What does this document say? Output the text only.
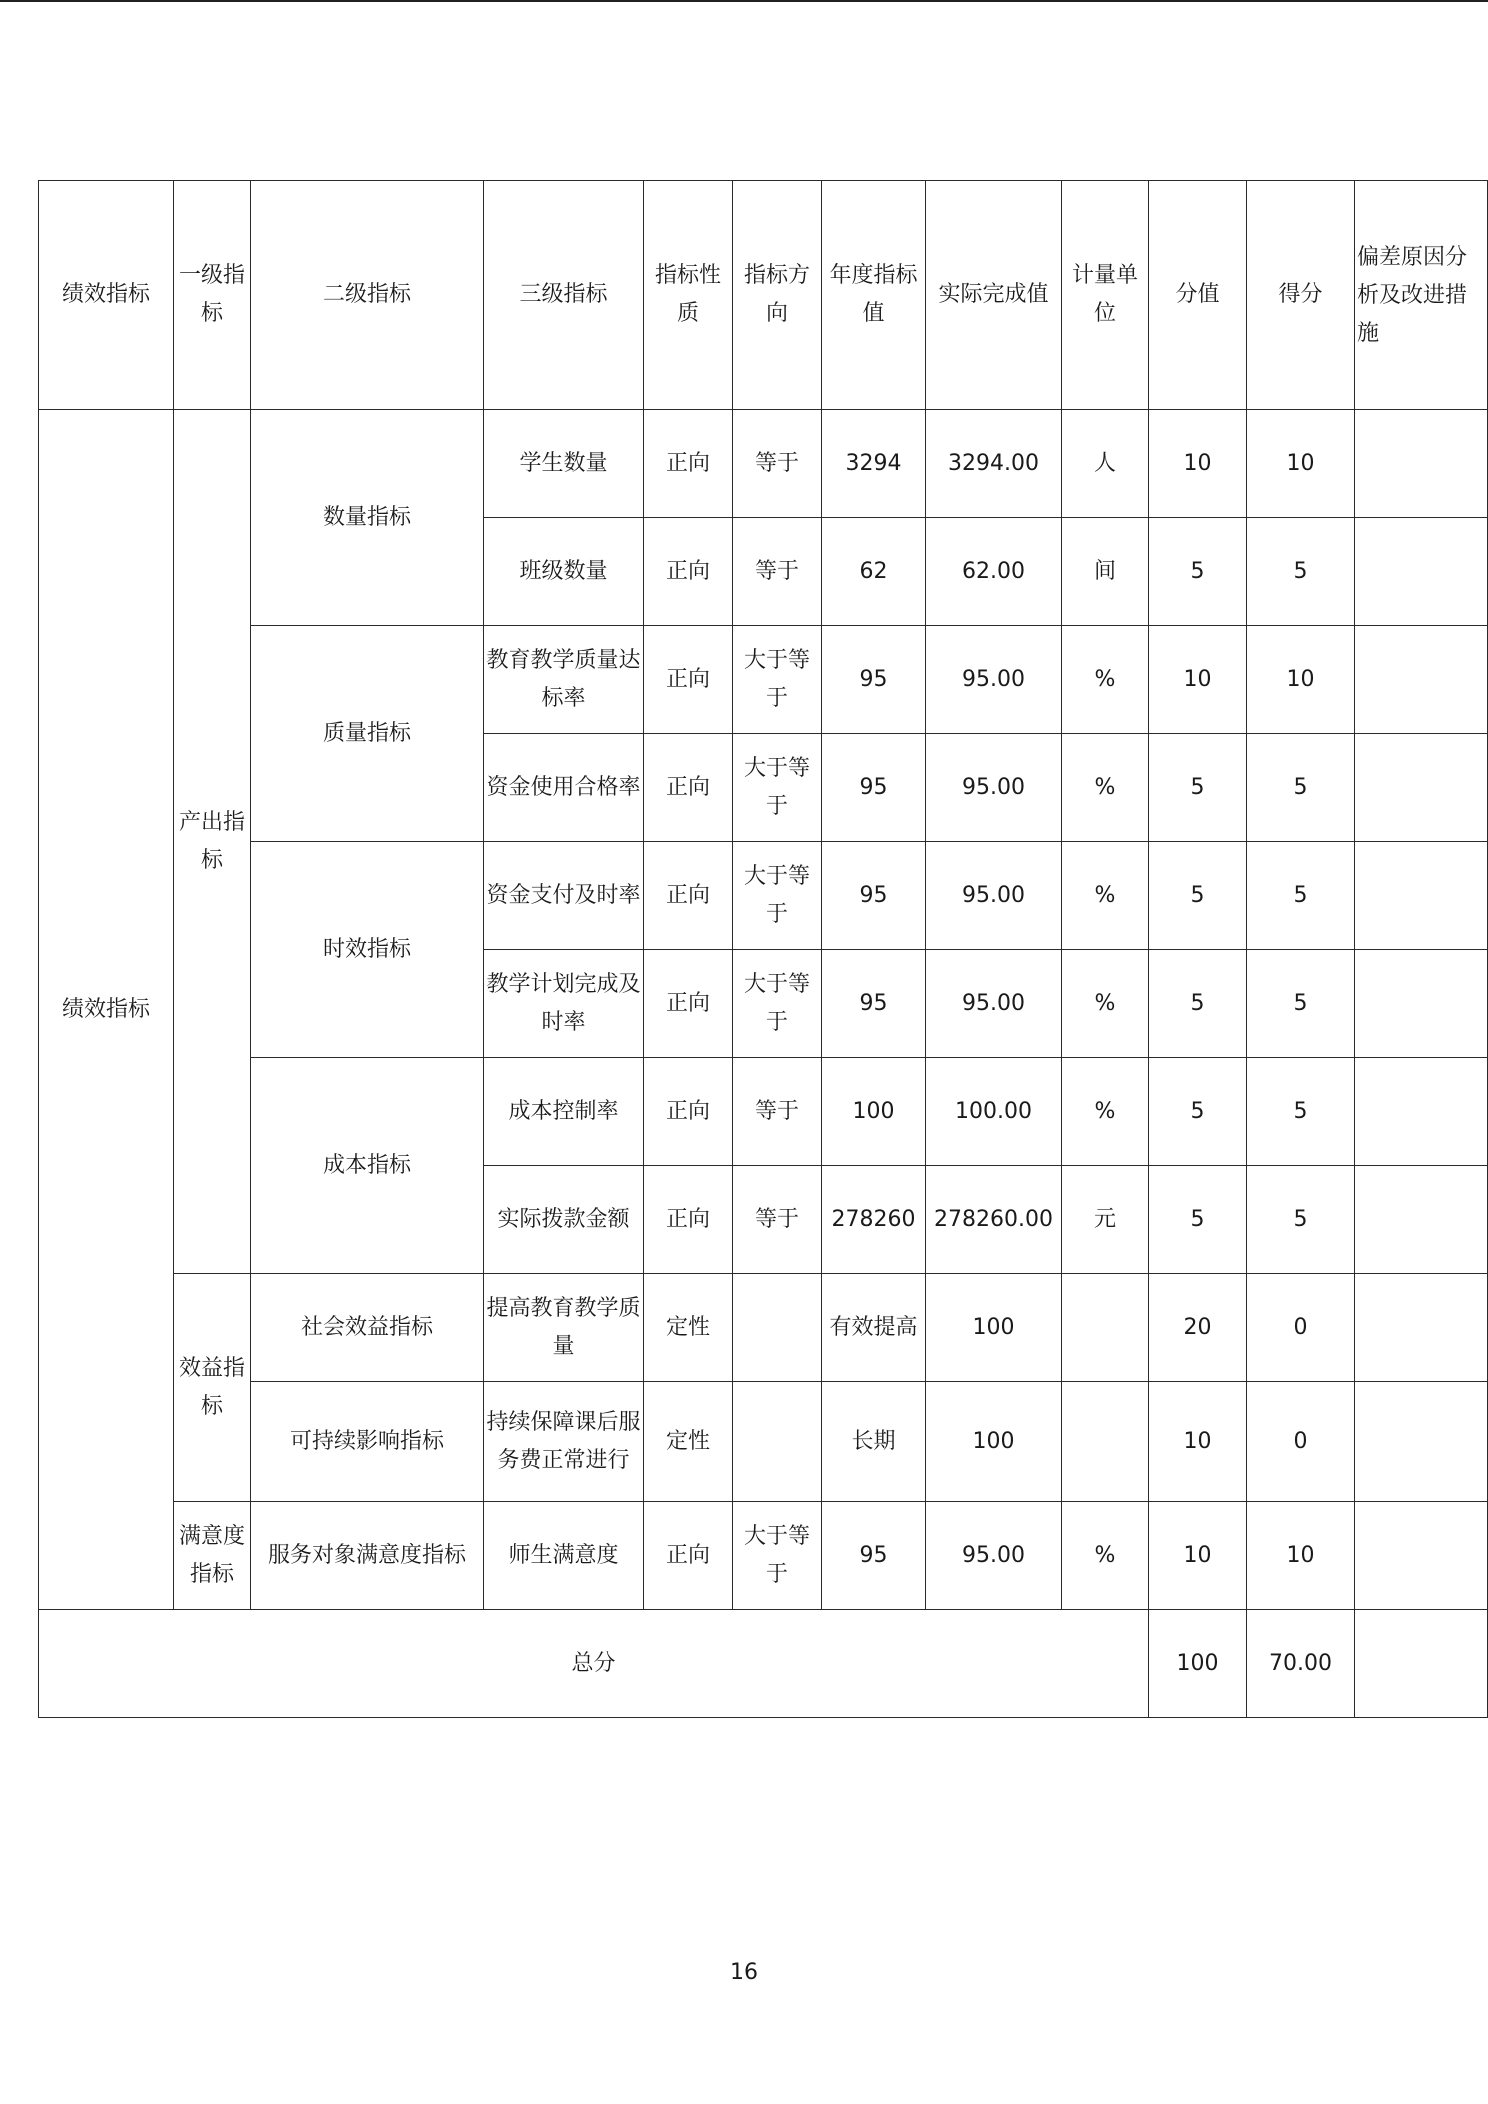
绩效指标	一级指标	二级指标	三级指标	指标性质	指标方向	年度指标值	实际完成值	计量单位	分值	得分	偏差原因分析及改进措施
绩效指标	产出指标	数量指标	学生数量	正向	等于	3294	3294.00	人	10	10	
			班级数量	正向	等于	62	62.00	间	5	5	
		质量指标	教育教学质量达标率	正向	大于等于	95	95.00	%	10	10	
			资金使用合格率	正向	大于等于	95	95.00	%	5	5	
		时效指标	资金支付及时率	正向	大于等于	95	95.00	%	5	5	
			教学计划完成及时率	正向	大于等于	95	95.00	%	5	5	
		成本指标	成本控制率	正向	等于	100	100.00	%	5	5	
			实际拨款金额	正向	等于	278260	278260.00	元	5	5	
	效益指标	社会效益指标	提高教育教学质量	定性		有效提高	100		20	0	
		可持续影响指标	持续保障课后服务费正常进行	定性		长期	100		10	0	
	满意度指标	服务对象满意度指标	师生满意度	正向	大于等于	95	95.00	%	10	10	
总分									100	70.00	
16
